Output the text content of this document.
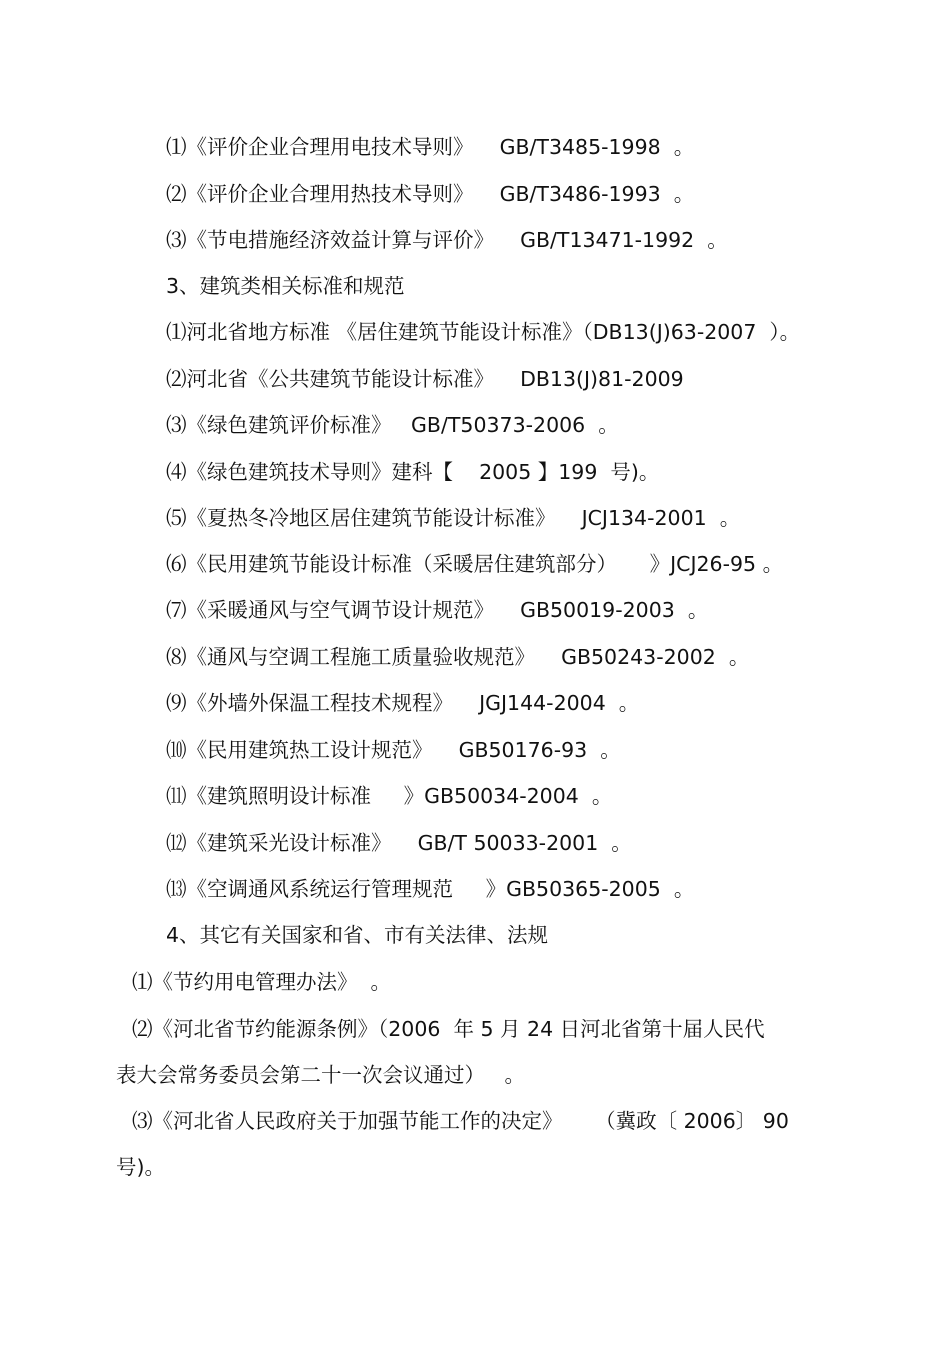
⑴《评价企业合理用电技术导则》    GB/T3485-1998  。
⑵《评价企业合理用热技术导则》    GB/T3486-1993  。
⑶《节电措施经济效益计算与评价》    GB/T13471-1992  。
3、建筑类相关标准和规范
⑴河北省地方标准 《居住建筑节能设计标准》（DB13(J)63-2007  ）。
⑵河北省《公共建筑节能设计标准》    DB13(J)81-2009
⑶《绿色建筑评价标准》   GB/T50373-2006  。
⑷《绿色建筑技术导则》建科【    2005 】199  号)。
⑸《夏热冬冷地区居住建筑节能设计标准》    JCJ134-2001  。
⑹《民用建筑节能设计标准（采暖居住建筑部分）     》JCJ26-95 。
⑺《采暖通风与空气调节设计规范》    GB50019-2003  。
⑻《通风与空调工程施工质量验收规范》    GB50243-2002  。
⑼《外墙外保温工程技术规程》    JGJ144-2004  。
⑽《民用建筑热工设计规范》    GB50176-93  。
⑾《建筑照明设计标准     》GB50034-2004  。
⑿《建筑采光设计标准》    GB/T 50033-2001  。
⒀《空调通风系统运行管理规范     》GB50365-2005  。
4、其它有关国家和省、市有关法律、法规
⑴《节约用电管理办法》  。
⑵《河北省节约能源条例》（2006  年 5 月 24 日河北省第十届人民代
表大会常务委员会第二十一次会议通过）   。
⑶《河北省人民政府关于加强节能工作的决定》     （冀政〔 2006〕 90
号)。
